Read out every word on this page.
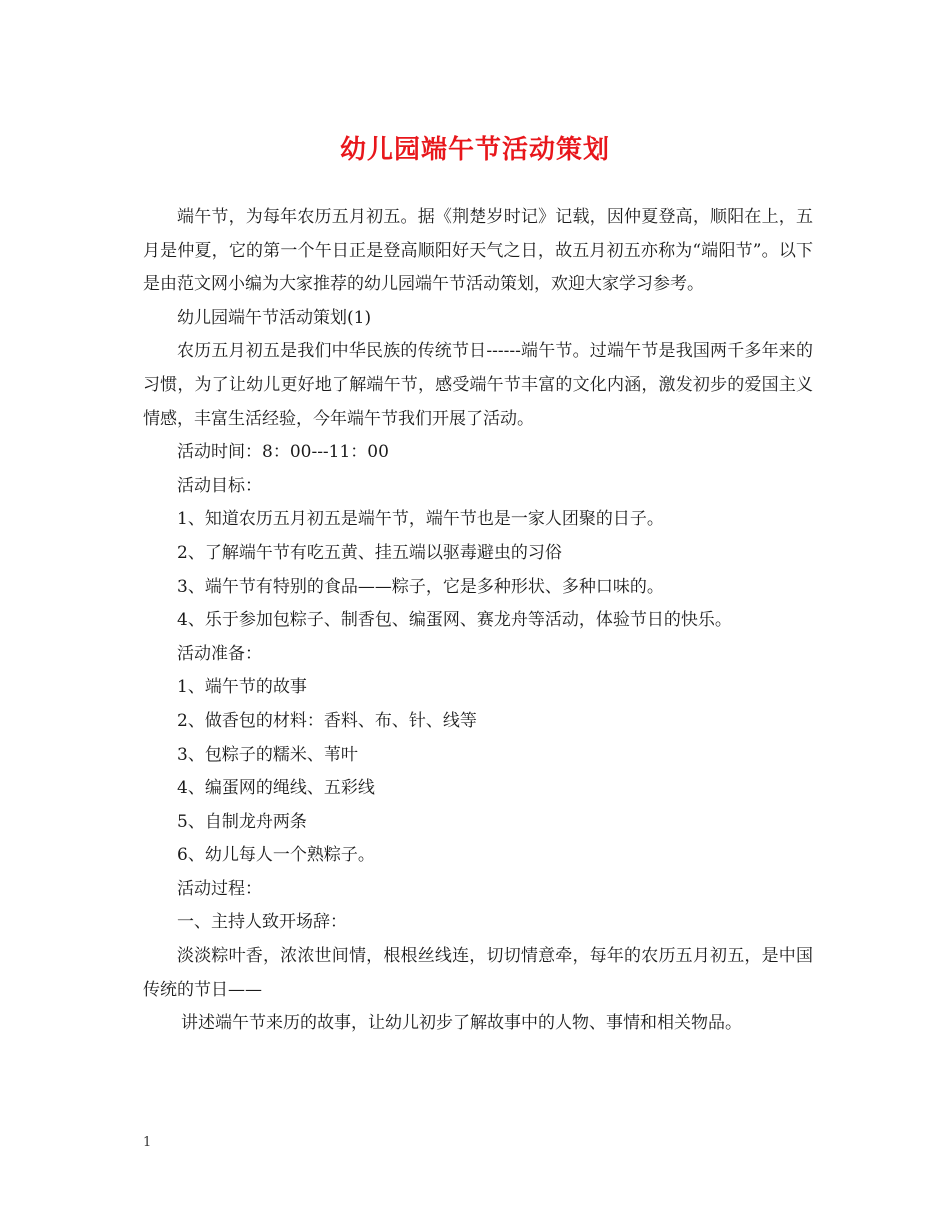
幼儿园端午节活动策划

端午节，为每年农历五月初五。据《荆楚岁时记》记载，因仲夏登高，顺阳在上，五月是仲夏，它的第一个午日正是登高顺阳好天气之日，故五月初五亦称为“端阳节”。以下是由范文网小编为大家推荐的幼儿园端午节活动策划，欢迎大家学习参考。

幼儿园端午节活动策划(1)

农历五月初五是我们中华民族的传统节日------端午节。过端午节是我国两千多年来的习惯，为了让幼儿更好地了解端午节，感受端午节丰富的文化内涵，激发初步的爱国主义情感，丰富生活经验，今年端午节我们开展了活动。

活动时间：8：00---11：00

活动目标：

1、知道农历五月初五是端午节，端午节也是一家人团聚的日子。

2、了解端午节有吃五黄、挂五端以驱毒避虫的习俗

3、端午节有特别的食品——粽子，它是多种形状、多种口味的。

4、乐于参加包粽子、制香包、编蛋网、赛龙舟等活动，体验节日的快乐。

活动准备：

1、端午节的故事

2、做香包的材料：香料、布、针、线等

3、包粽子的糯米、苇叶

4、编蛋网的绳线、五彩线

5、自制龙舟两条

6、幼儿每人一个熟粽子。

活动过程：

一、主持人致开场辞：

淡淡粽叶香，浓浓世间情，根根丝线连，切切情意牵，每年的农历五月初五，是中国传统的节日——

讲述端午节来历的故事，让幼儿初步了解故事中的人物、事情和相关物品。

1
